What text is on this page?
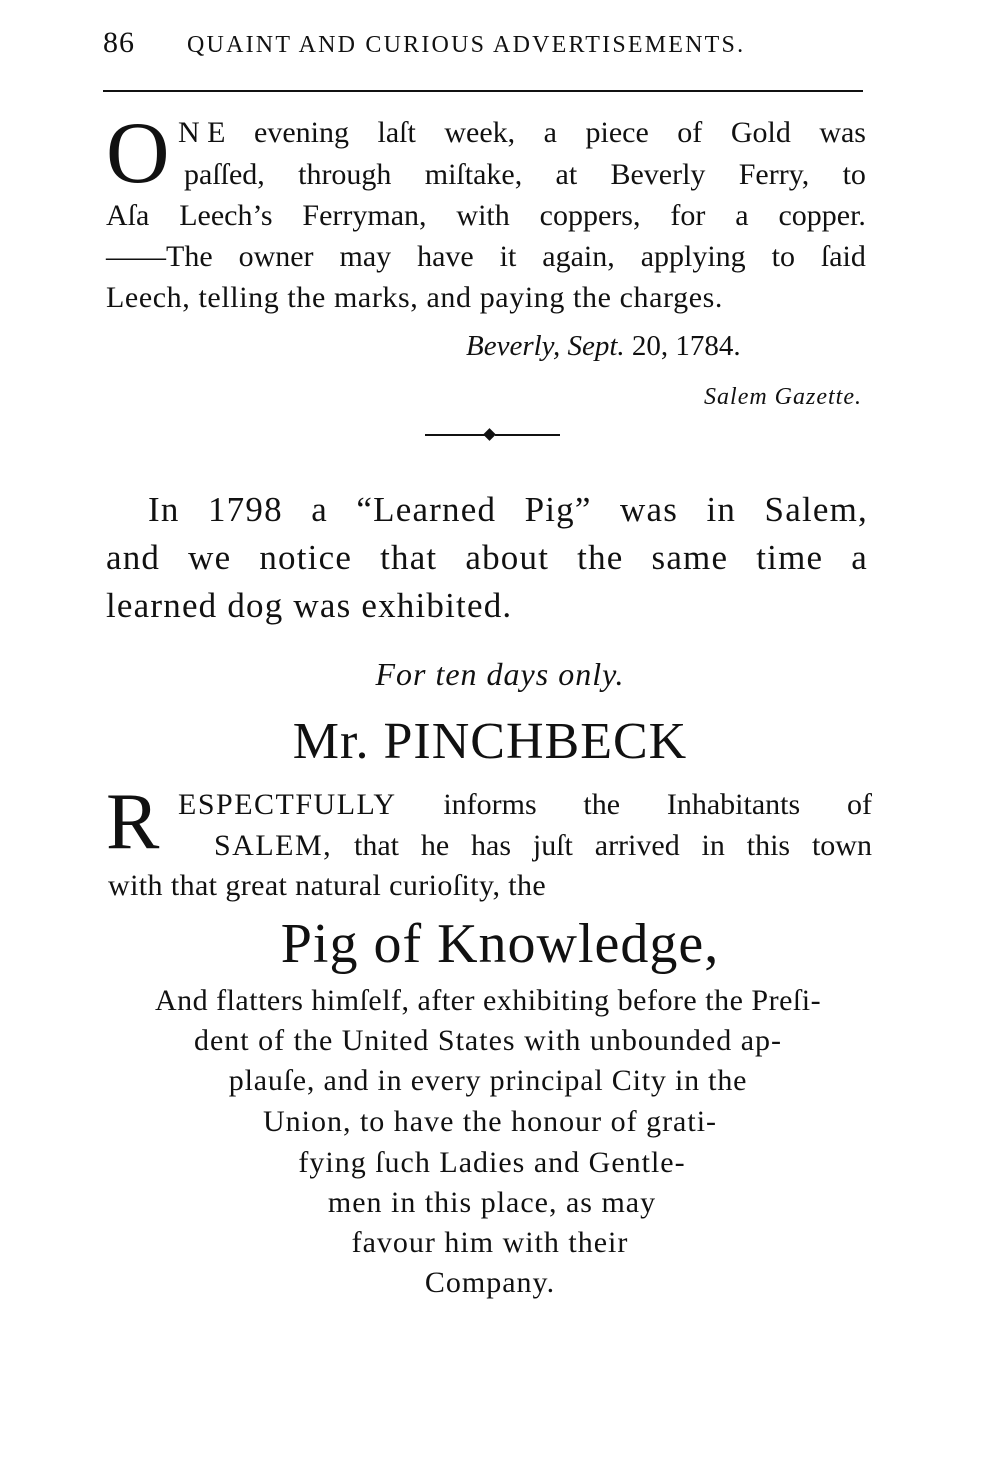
86 QUAINT AND CURIOUS ADVERTISEMENTS.
O N E evening laſt week, a piece of Gold was
paſſed, through miſtake, at Beverly Ferry, to
Aſa Leech’s Ferryman, with coppers, for a copper.
——The owner may have it again, applying to ſaid
Leech, telling the marks, and paying the charges.
Beverly, Sept. 20, 1784.
Salem Gazette.
In 1798 a “Learned Pig” was in Salem,
and we notice that about the same time a
learned dog was exhibited.
For ten days only.
Mr. PINCHBECK
R ESPECTFULLY informs the Inhabitants of
SALEM, that he has juſt arrived in this town
with that great natural curioſity, the
Pig of Knowledge,
And flatters himſelf, after exhibiting before the Preſi-
dent of the United States with unbounded ap-
plauſe, and in every principal City in the
Union, to have the honour of grati-
fying ſuch Ladies and Gentle-
men in this place, as may
favour him with their
Company.
